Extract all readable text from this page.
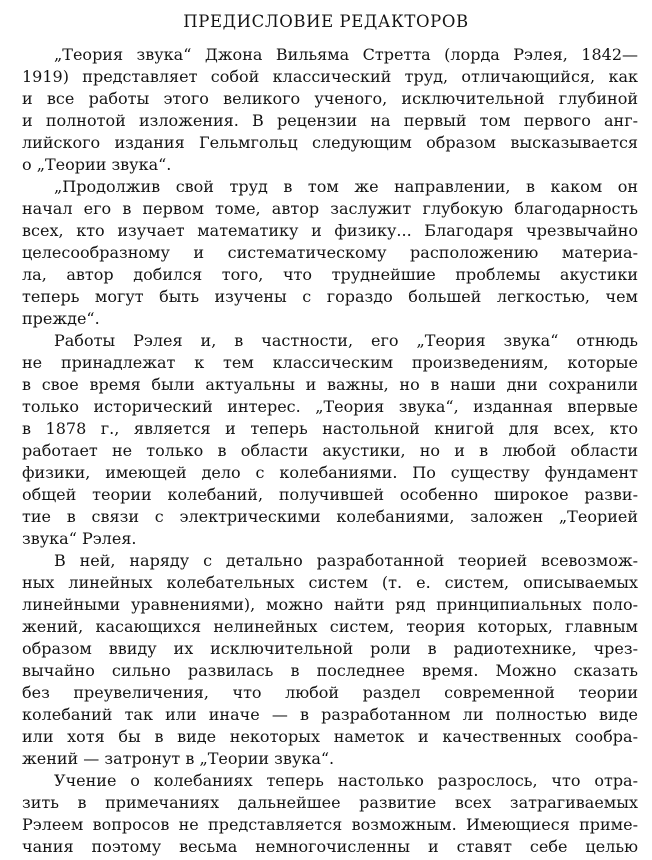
ПРЕДИСЛОВИЕ РЕДАКТОРОВ
„Теория звука“ Джона Вильяма Стретта (лорда Рэлея, 1842—
1919) представляет собой классический труд, отличающийся, как
и все работы этого великого ученого, исключительной глубиной
и полнотой изложения. В рецензии на первый том первого анг-
лийского издания Гельмгольц следующим образом высказывается
о „Теории звука“.
„Продолжив свой труд в том же направлении, в каком он
начал его в первом томе, автор заслужит глубокую благодарность
всех, кто изучает математику и физику... Благодаря чрезвычайно
целесообразному и систематическому расположению материа-
ла, автор добился того, что труднейшие проблемы акустики
теперь могут быть изучены с гораздо большей легкостью, чем
прежде“.
Работы Рэлея и, в частности, его „Теория звука“ отнюдь
не принадлежат к тем классическим произведениям, которые
в свое время были актуальны и важны, но в наши дни сохранили
только исторический интерес. „Теория звука“, изданная впервые
в 1878 г., является и теперь настольной книгой для всех, кто
работает не только в области акустики, но и в любой области
физики, имеющей дело с колебаниями. По существу фундамент
общей теории колебаний, получившей особенно широкое разви-
тие в связи с электрическими колебаниями, заложен „Теорией
звука“ Рэлея.
В ней, наряду с детально разработанной теорией всевозмож-
ных линейных колебательных систем (т. е. систем, описываемых
линейными уравнениями), можно найти ряд принципиальных поло-
жений, касающихся нелинейных систем, теория которых, главным
образом ввиду их исключительной роли в радиотехнике, чрез-
вычайно сильно развилась в последнее время. Можно сказать
без преувеличения, что любой раздел современной теории
колебаний так или иначе — в разработанном ли полностью виде
или хотя бы в виде некоторых наметок и качественных сообра-
жений — затронут в „Теории звука“.
Учение о колебаниях теперь настолько разрослось, что отра-
зить в примечаниях дальнейшее развитие всех затрагиваемых
Рэлеем вопросов не представляется возможным. Имеющиеся приме-
чания поэтому весьма немногочисленны и ставят себе целью
